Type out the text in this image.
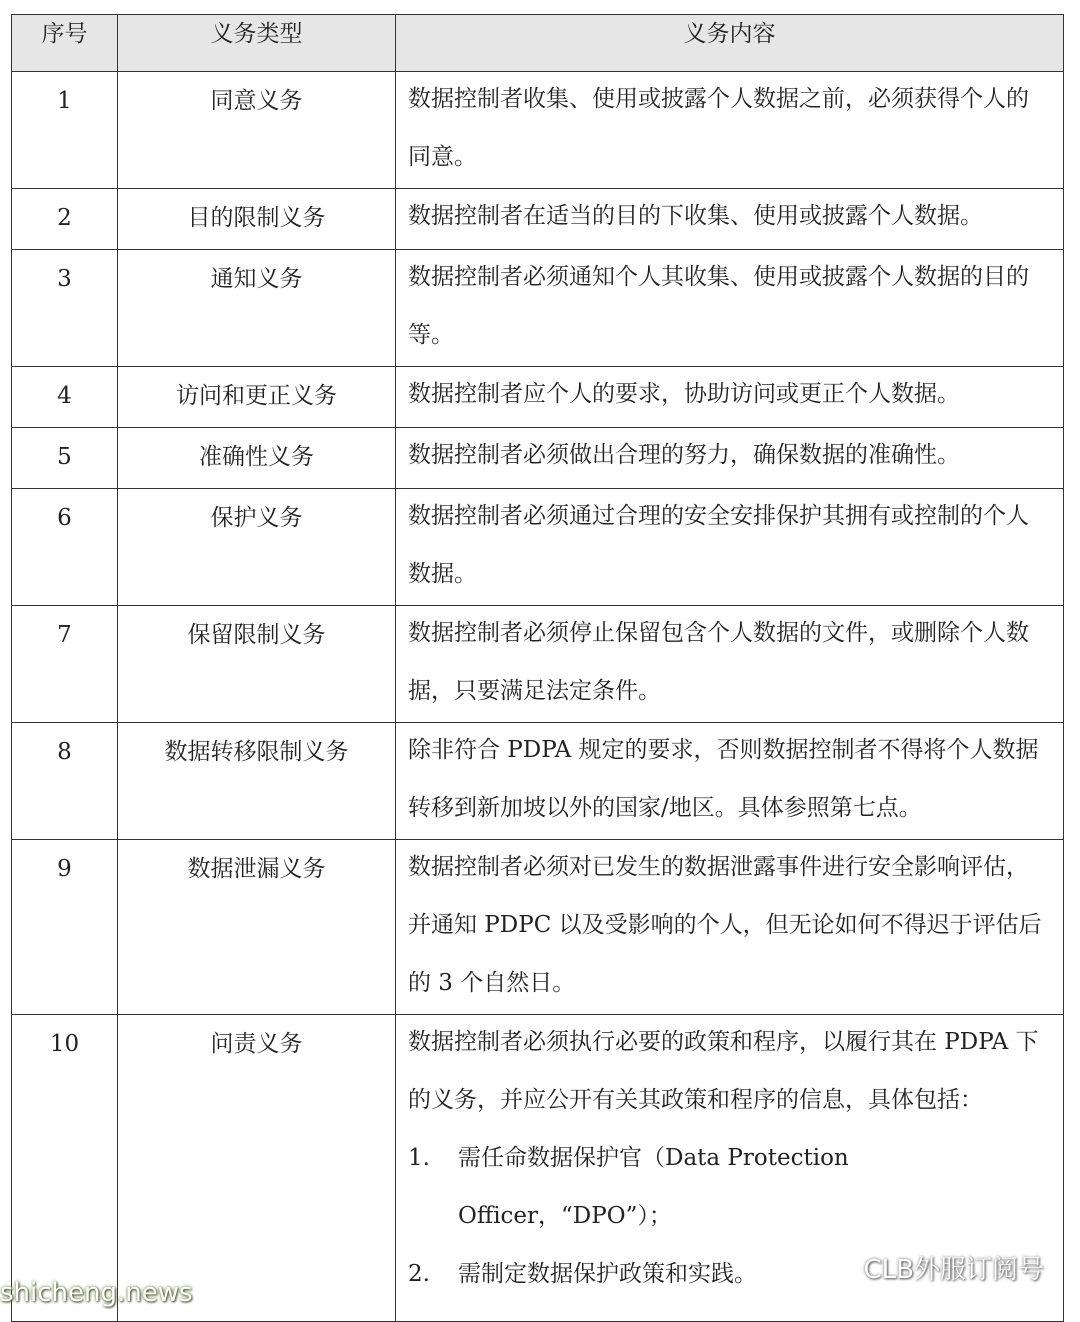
序号	义务类型	义务内容
1	同意义务	数据控制者收集、使用或披露个人数据之前，必须获得个人的同意。

2	目的限制义务	数据控制者在适当的目的下收集、使用或披露个人数据。

3	通知义务	数据控制者必须通知个人其收集、使用或披露个人数据的目的等。

4	访问和更正义务	数据控制者应个人的要求，协助访问或更正个人数据。

5	准确性义务	数据控制者必须做出合理的努力，确保数据的准确性。

6	保护义务	数据控制者必须通过合理的安全安排保护其拥有或控制的个人数据。

7	保留限制义务	数据控制者必须停止保留包含个人数据的文件，或删除个人数据，只要满足法定条件。

8	数据转移限制义务	除非符合 PDPA 规定的要求，否则数据控制者不得将个人数据转移到新加坡以外的国家/地区。具体参照第七点。

9	数据泄漏义务	数据控制者必须对已发生的数据泄露事件进行安全影响评估，并通知 PDPC 以及受影响的个人，但无论如何不得迟于评估后的 3 个自然日。

10	问责义务	数据控制者必须执行必要的政策和程序，以履行其在 PDPA 下的义务，并应公开有关其政策和程序的信息，具体包括：

1. 需任命数据保护官（Data Protection Officer，“DPO”）；
2. 需制定数据保护政策和实践。
shicheng.news
CLB外服订阅号
